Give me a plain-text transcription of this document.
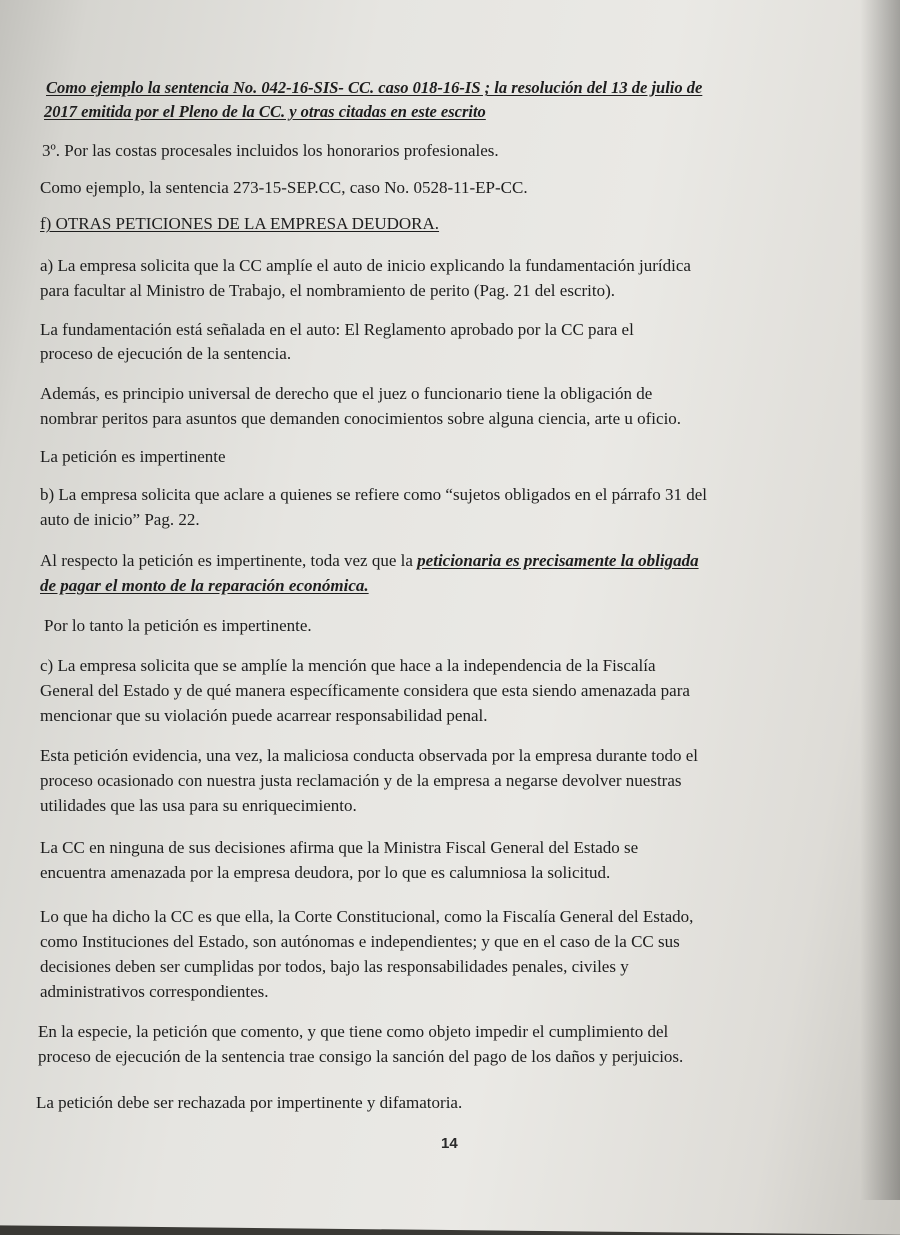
Como ejemplo la sentencia No. 042-16-SIS- CC. caso 018-16-IS ; la resolución del 13 de julio de
2017 emitida por el Pleno de la CC. y otras citadas en este escrito
3º. Por las costas procesales incluidos los honorarios profesionales.
Como ejemplo, la sentencia 273-15-SEP.CC, caso No. 0528-11-EP-CC.
f) OTRAS PETICIONES DE LA EMPRESA DEUDORA.
a) La empresa solicita que la CC amplíe el auto de inicio explicando la fundamentación jurídica
para facultar al Ministro de Trabajo, el nombramiento de perito (Pag. 21 del escrito).
La fundamentación está señalada en el auto: El Reglamento aprobado por la CC para el
proceso de ejecución de la sentencia.
Además, es principio universal de derecho que el juez o funcionario tiene la obligación de
nombrar peritos para asuntos que demanden conocimientos sobre alguna ciencia, arte u oficio.
La petición es impertinente
b) La empresa solicita que aclare a quienes se refiere como “sujetos obligados en el párrafo 31 del
auto de inicio” Pag. 22.
Al respecto la petición es impertinente, toda vez que la peticionaria es precisamente la obligada
de pagar el monto de la reparación económica.
Por lo tanto la petición es impertinente.
c) La empresa solicita que se amplíe la mención que hace a la independencia de la Fiscalía
General del Estado y de qué manera específicamente considera que esta siendo amenazada para
mencionar que su violación puede acarrear responsabilidad penal.
Esta petición evidencia, una vez, la maliciosa conducta observada por la empresa durante todo el
proceso ocasionado con nuestra justa reclamación y de la empresa a negarse devolver nuestras
utilidades que las usa para su enriquecimiento.
La CC en ninguna de sus decisiones afirma que la Ministra Fiscal General del Estado se
encuentra amenazada por la empresa deudora, por lo que es calumniosa la solicitud.
Lo que ha dicho la CC es que ella, la Corte Constitucional, como la Fiscalía General del Estado,
como Instituciones del Estado, son autónomas e independientes; y que en el caso de la CC sus
decisiones deben ser cumplidas por todos, bajo las responsabilidades penales, civiles y
administrativos correspondientes.
En la especie, la petición que comento, y que tiene como objeto impedir el cumplimiento del
proceso de ejecución de la sentencia trae consigo la sanción del pago de los daños y perjuicios.
La petición debe ser rechazada por impertinente y difamatoria.
14
